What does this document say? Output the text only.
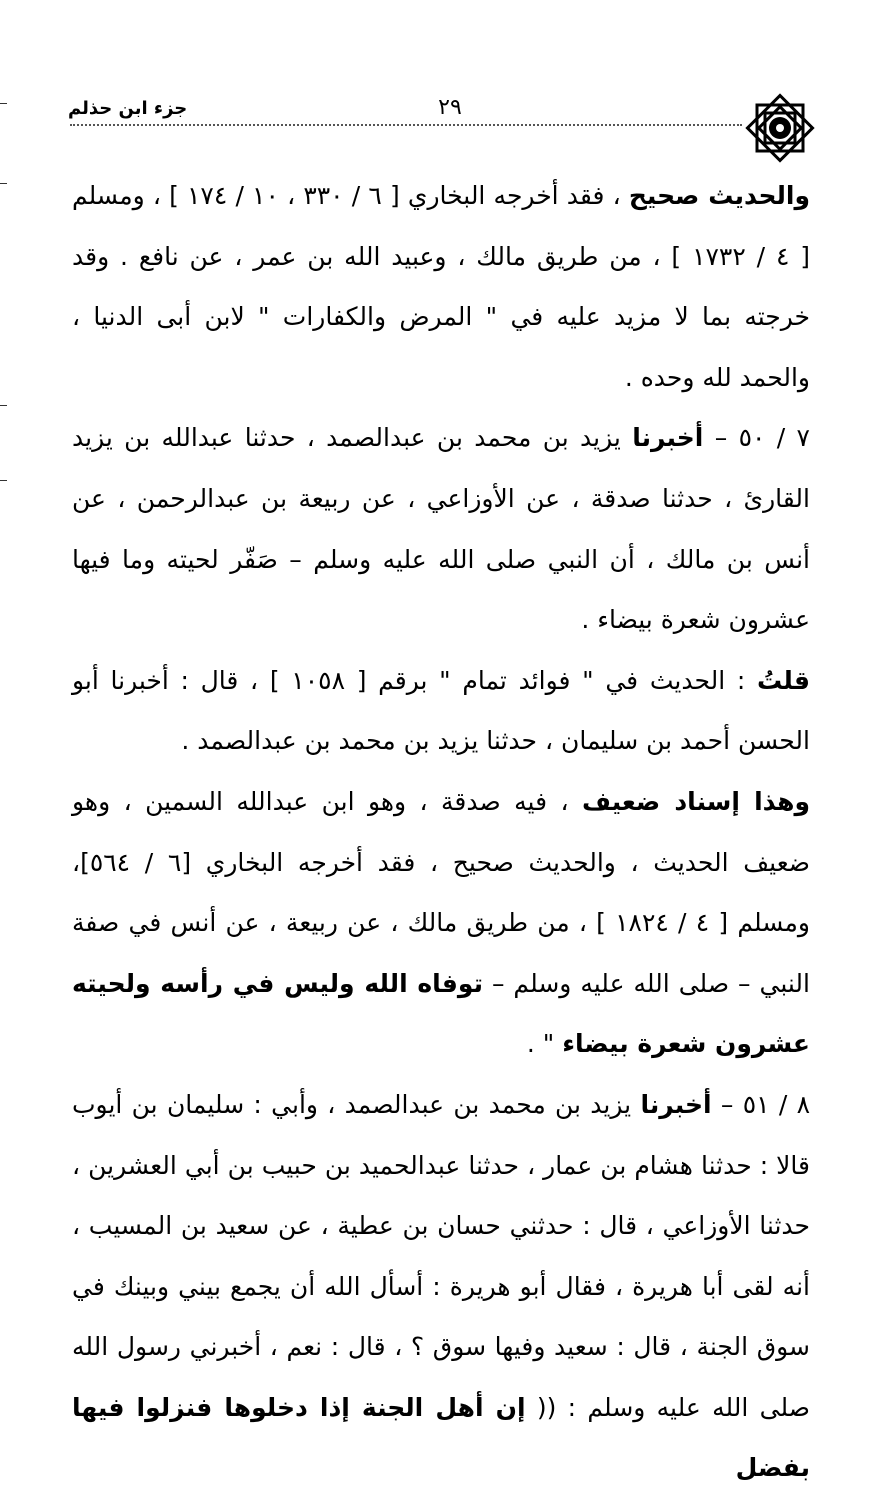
جزء ابن حذلم	٢٩

والحديث صحيح ، فقد أخرجه البخاري [ ٦ / ٣٣٠ ، ١٠ / ١٧٤ ] ، ومسلم [ ٤ / ١٧٣٢ ] ، من طريق مالك ، وعبيد الله بن عمر ، عن نافع . وقد خرجته بما لا مزيد عليه في " المرض والكفارات " لابن أبى الدنيا ، والحمد لله وحده .

٧ / ٥٠ – أخبرنا يزيد بن محمد بن عبدالصمد ، حدثنا عبدالله بن يزيد القارئ ، حدثنا صدقة ، عن الأوزاعي ، عن ربيعة بن عبدالرحمن ، عن أنس بن مالك ، أن النبي صلى الله عليه وسلم – صَفّر لحيته وما فيها عشرون شعرة بيضاء .

قلتُ : الحديث في " فوائد تمام " برقم [ ١٠٥٨ ] ، قال : أخبرنا أبو الحسن أحمد بن سليمان ، حدثنا يزيد بن محمد بن عبدالصمد .

وهذا إسناد ضعيف ، فيه صدقة ، وهو ابن عبدالله السمين ، وهو ضعيف الحديث ، والحديث صحيح ، فقد أخرجه البخاري [٦ / ٥٦٤]، ومسلم [ ٤ / ١٨٢٤ ] ، من طريق مالك ، عن ربيعة ، عن أنس في صفة النبي – صلى الله عليه وسلم – توفاه الله وليس في رأسه ولحيته عشرون شعرة بيضاء " .

٨ / ٥١ – أخبرنا يزيد بن محمد بن عبدالصمد ، وأبي : سليمان بن أيوب قالا : حدثنا هشام بن عمار ، حدثنا عبدالحميد بن حبيب بن أبي العشرين ، حدثنا الأوزاعي ، قال : حدثني حسان بن عطية ، عن سعيد بن المسيب ، أنه لقى أبا هريرة ، فقال أبو هريرة : أسأل الله أن يجمع بيني وبينك في سوق الجنة ، قال : سعيد وفيها سوق ؟ ، قال : نعم ، أخبرني رسول الله صلى الله عليه وسلم : (( إن أهل الجنة إذا دخلوها فنزلوا فيها بفضل
